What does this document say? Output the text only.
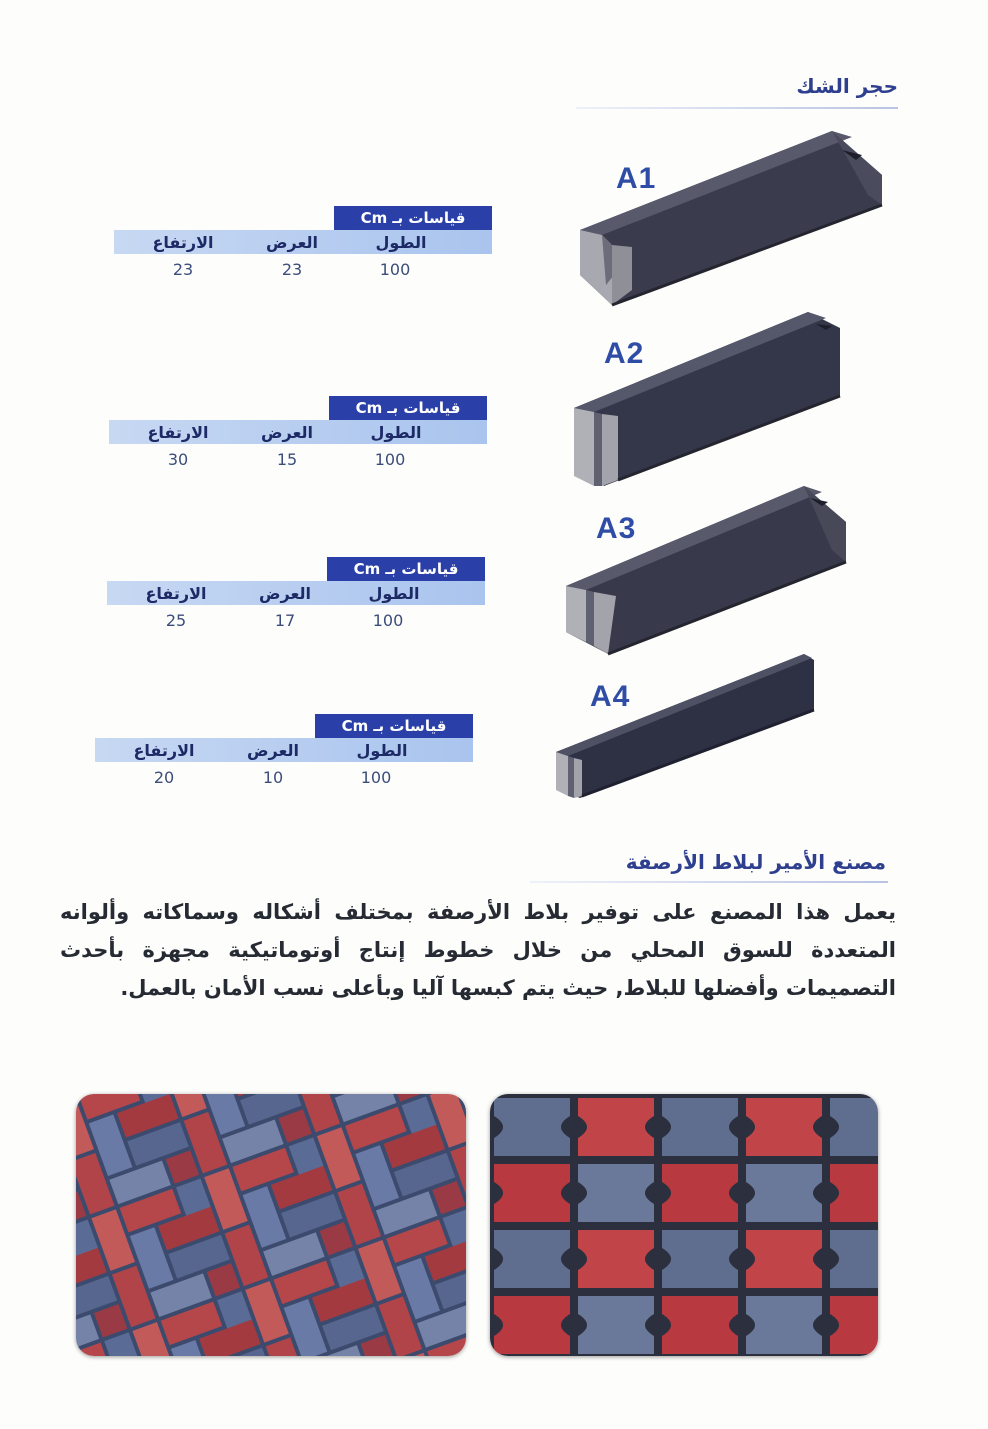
حجر الشك
A1
A2
A3
A4
قياسات بـ Cm
الطول
العرض
الارتفاع
100
23
23
قياسات بـ Cm
الطول
العرض
الارتفاع
100
15
30
قياسات بـ Cm
الطول
العرض
الارتفاع
100
17
25
قياسات بـ Cm
الطول
العرض
الارتفاع
100
10
20
مصنع الأمير لبلاط الأرصفة

يعمل هذا المصنع على توفير بلاط الأرصفة بمختلف أشكاله وسماكاته وألوانه المتعددة للسوق المحلي من خلال خطوط إنتاج أوتوماتيكية مجهزة بأحدث التصميمات وأفضلها للبلاط, حيث يتم كبسها آليا وبأعلى نسب الأمان بالعمل.
